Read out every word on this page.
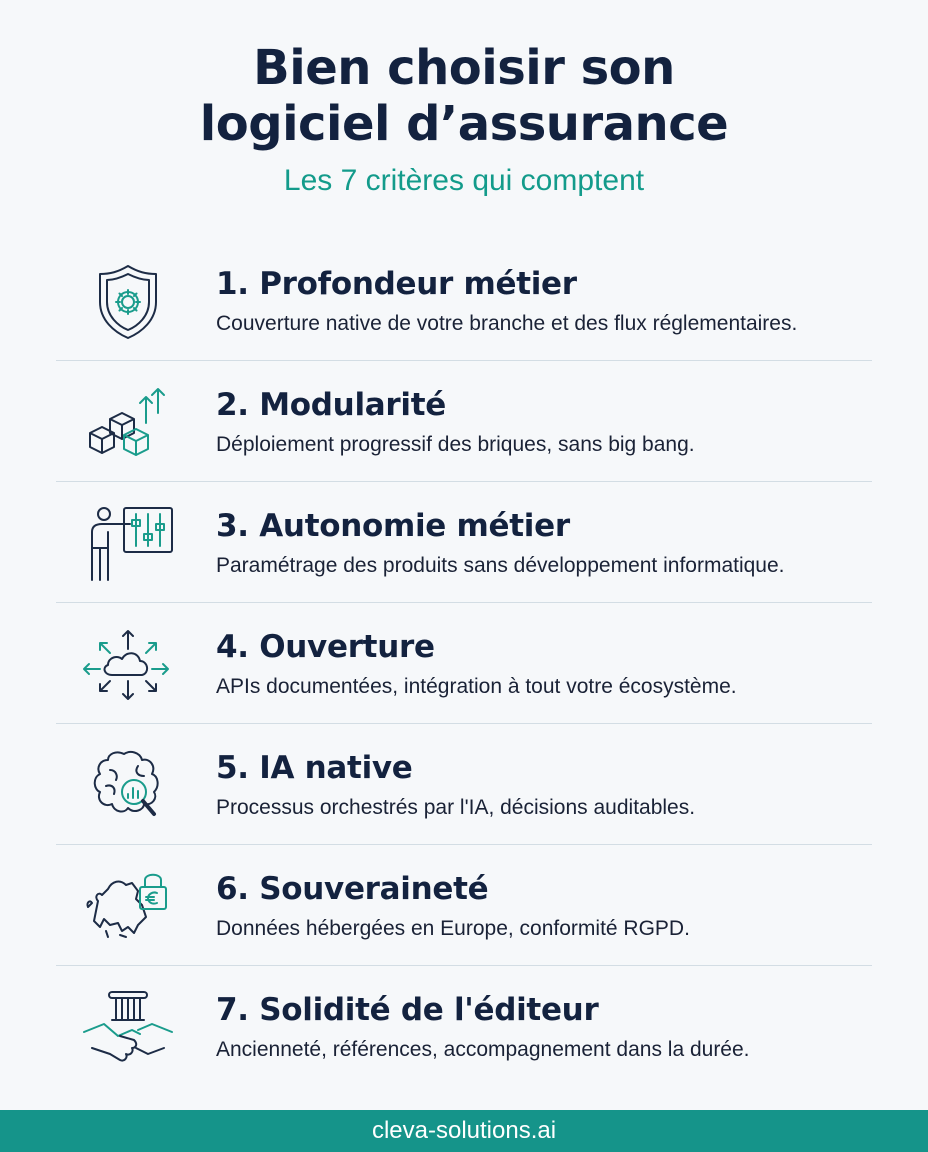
Bien choisir son
logiciel d’assurance
Les 7 critères qui comptent
1. Profondeur métier
Couverture native de votre branche et des flux réglementaires.
2. Modularité
Déploiement progressif des briques, sans big bang.
3. Autonomie métier
Paramétrage des produits sans développement informatique.
4. Ouverture
APIs documentées, intégration à tout votre écosystème.
5. IA native
Processus orchestrés par l'IA, décisions auditables.
6. Souveraineté
Données hébergées en Europe, conformité RGPD.
7. Solidité de l'éditeur
Ancienneté, références, accompagnement dans la durée.
cleva-solutions.ai
